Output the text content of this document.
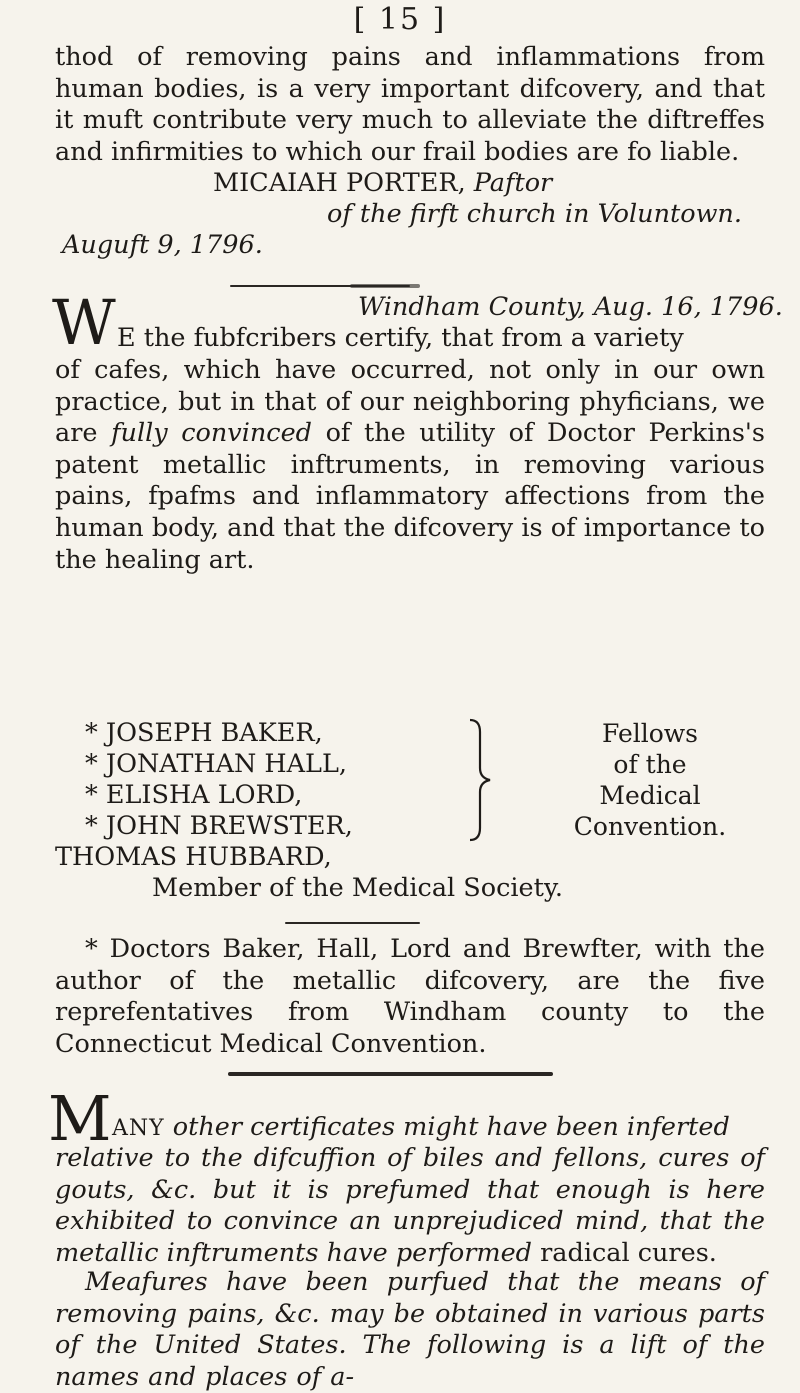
[ 15 ]

thod of removing pains and inflammations from human bodies, is a very important difcovery, and that it muft contribute very much to alleviate the diftreffes and infirmities to which our frail bodies are fo liable.

MICAIAH PORTER, Paftor
of the firft church in Voluntown.
Auguft 9, 1796.
W	Windham County, Aug. 16, 1796.
E the fubfcribers certify, that from a variety

of cafes, which have occurred, not only in our own practice, but in that of our neighboring phyficians, we are fully convinced of the utility of Doctor Perkins's patent metallic inftruments, in removing various pains, fpafms and inflammatory affections from the human body, and that the difcovery is of importance to the healing art.

* JOSEPH BAKER,
* JONATHAN HALL,
* ELISHA LORD,
* JOHN BREWSTER,
Fellows
of the
Medical
Convention.
THOMAS HUBBARD,
Member of the Medical Society.

* Doctors Baker, Hall, Lord and Brewfter, with the author of the metallic difcovery, are the five reprefentatives from Windham county to the Connecticut Medical Convention.

M ANY other certificates might have been inferted

relative to the difcuffion of biles and fellons, cures of gouts, &c. but it is prefumed that enough is here exhibited to convince an unprejudiced mind, that the metallic inftruments have performed radical cures.

Meafures have been purfued that the means of removing pains, &c. may be obtained in various parts of the United States. The following is a lift of the names and places of a-
